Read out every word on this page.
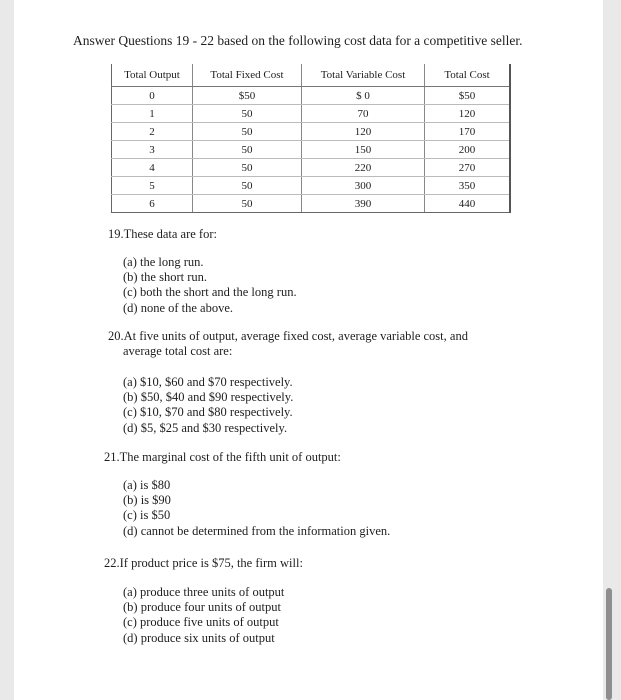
Answer Questions 19 - 22 based on the following cost data for a competitive seller.
Total Output	Total Fixed Cost	Total Variable Cost	Total Cost
0	$50	$ 0	$50
1	50	70	120
2	50	120	170
3	50	150	200
4	50	220	270
5	50	300	350
6	50	390	440
19.These data are for:
(a) the long run.
(b) the short run.
(c) both the short and the long run.
(d) none of the above.
20.At five units of output, average fixed cost, average variable cost, and
average total cost are:
(a) $10, $60 and $70 respectively.
(b) $50, $40 and $90 respectively.
(c) $10, $70 and $80 respectively.
(d) $5, $25 and $30 respectively.
21.The marginal cost of the fifth unit of output:
(a) is $80
(b) is $90
(c) is $50
(d) cannot be determined from the information given.
22.If product price is $75, the firm will:
(a) produce three units of output
(b) produce four units of output
(c) produce five units of output
(d) produce six units of output
